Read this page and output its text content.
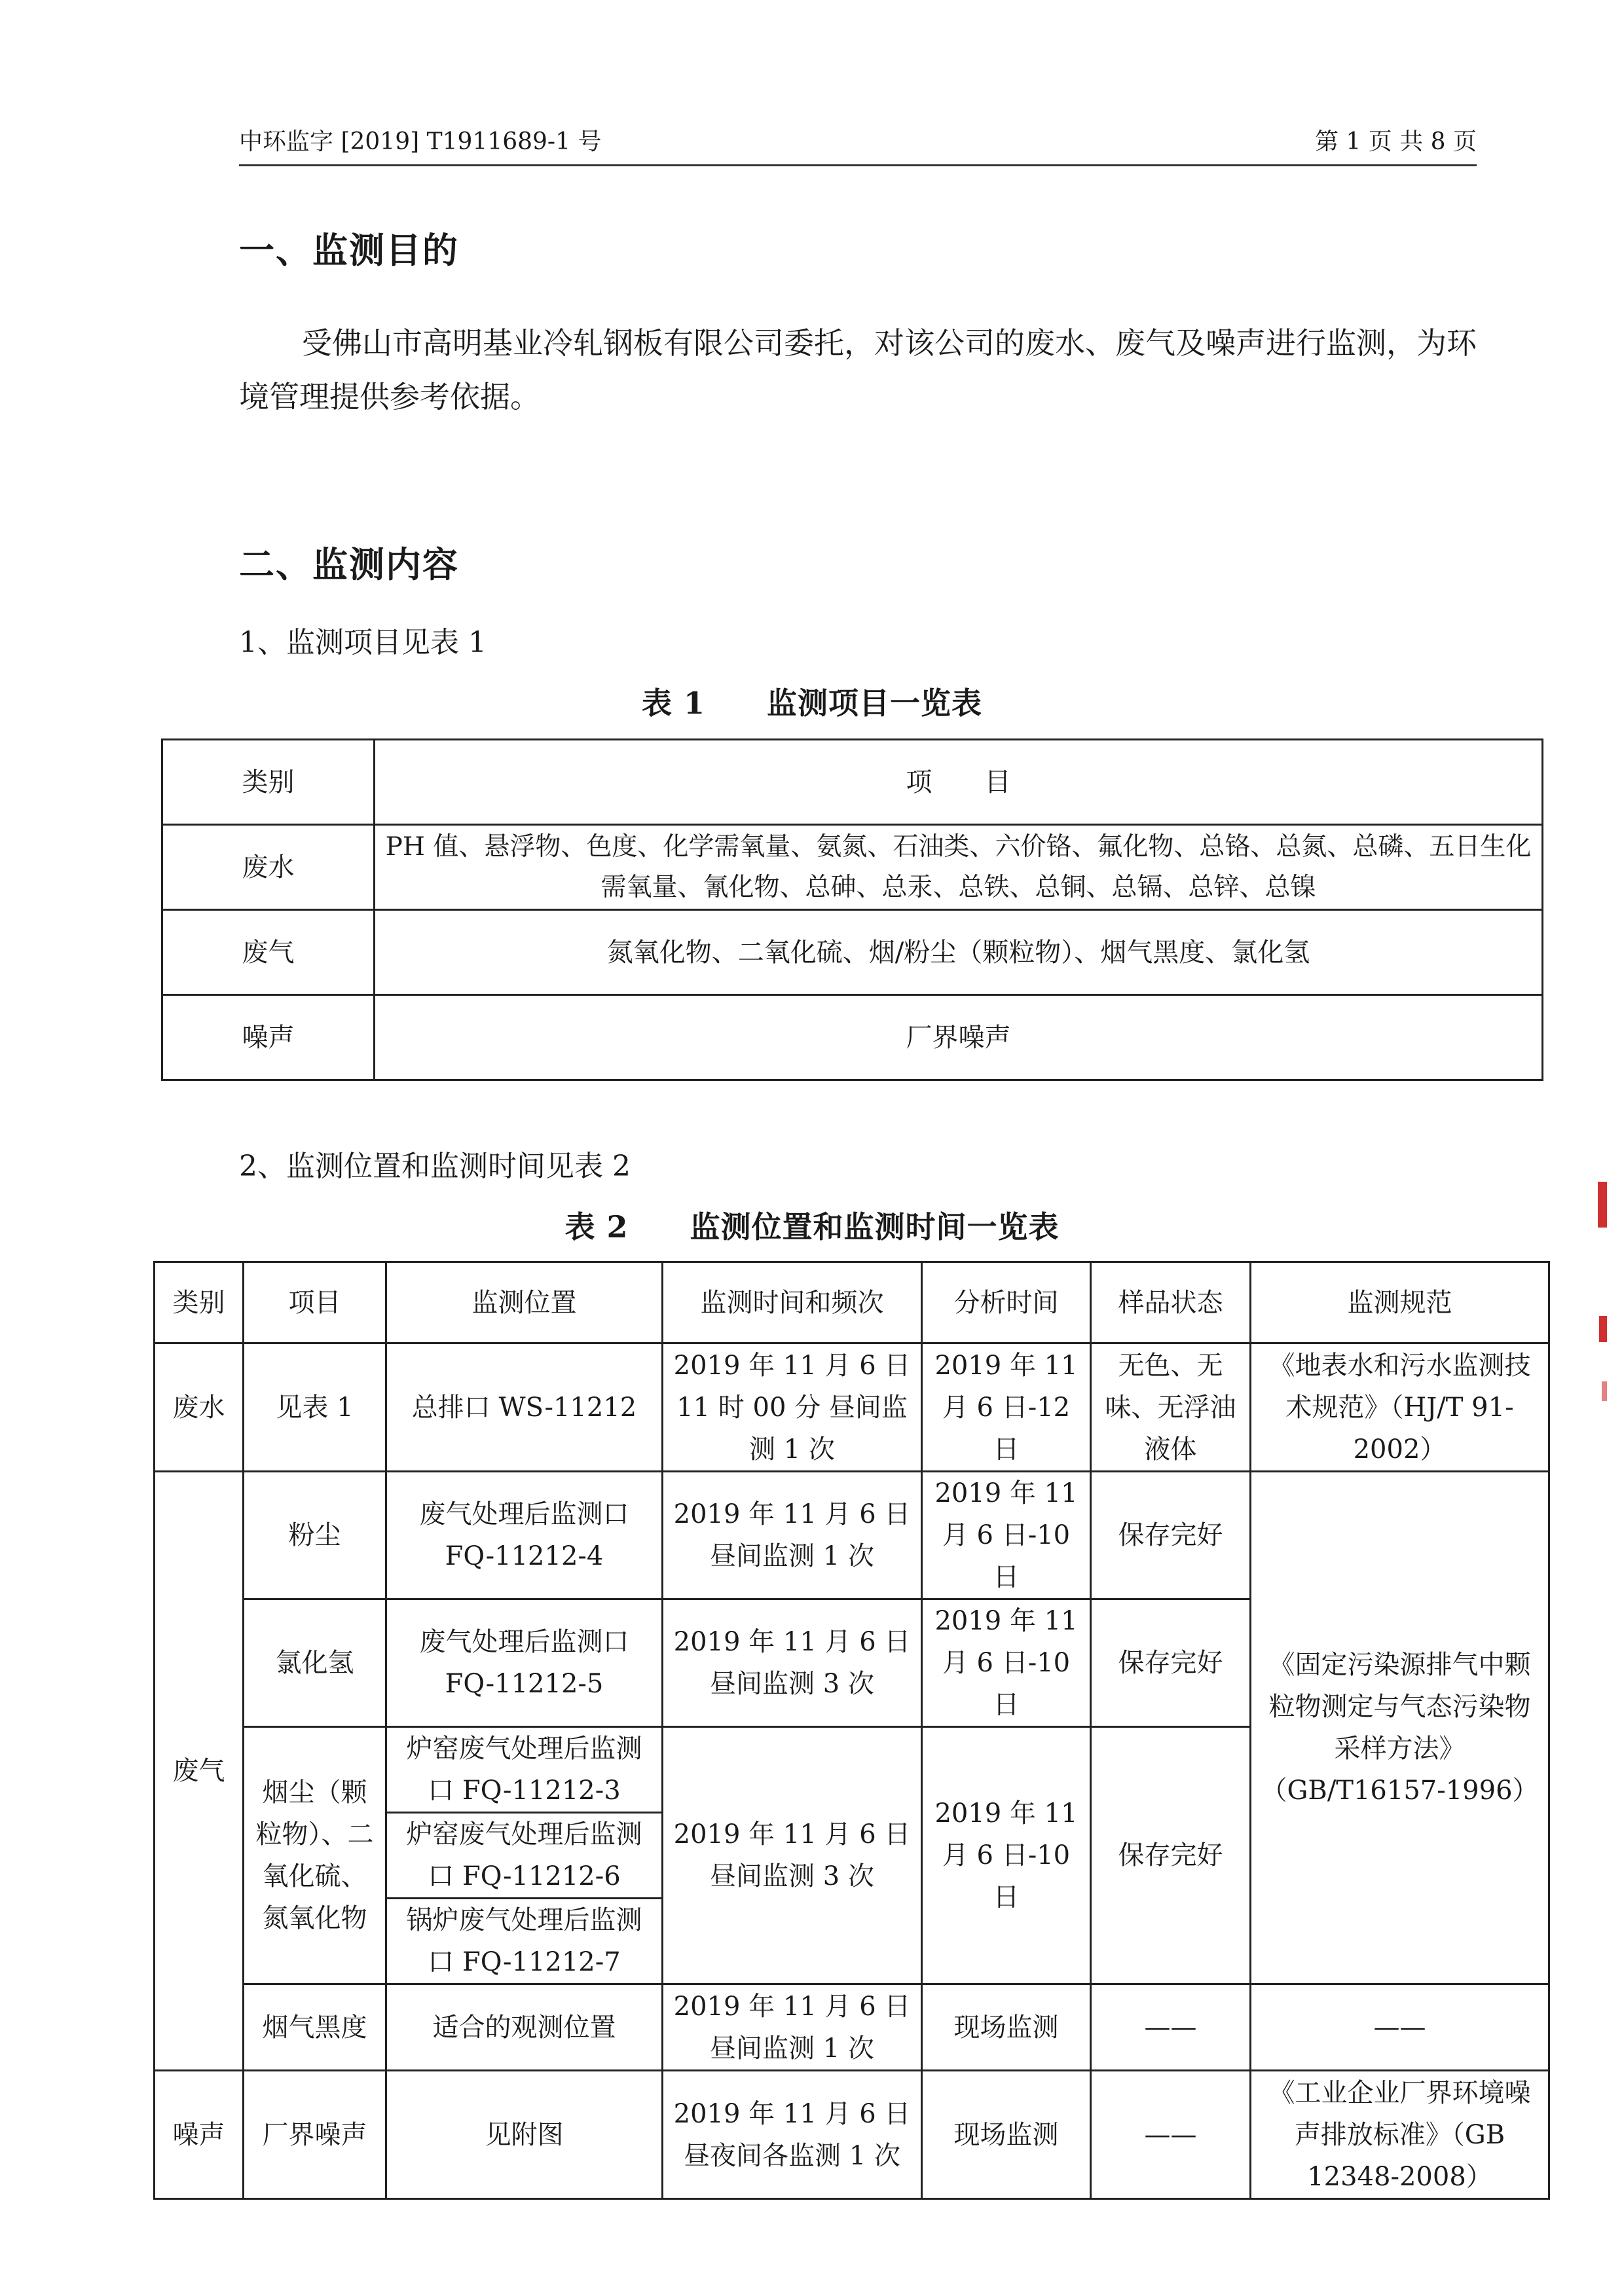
中环监字 [2019] T1911689-1 号	第 1 页 共 8 页
一、监测目的
受佛山市高明基业冷轧钢板有限公司委托，对该公司的废水、废气及噪声进行监测，为环境管理提供参考依据。
二、监测内容
1、监测项目见表 1
表 1　　监测项目一览表
类别	项　　目
废水	PH 值、悬浮物、色度、化学需氧量、氨氮、石油类、六价铬、氟化物、总铬、总氮、总磷、五日生化需氧量、氰化物、总砷、总汞、总铁、总铜、总镉、总锌、总镍
废气	氮氧化物、二氧化硫、烟/粉尘（颗粒物）、烟气黑度、氯化氢
噪声	厂界噪声
2、监测位置和监测时间见表 2
表 2　　监测位置和监测时间一览表
类别	项目	监测位置	监测时间和频次	分析时间	样品状态	监测规范
废水	见表 1	总排口 WS-11212	2019 年 11 月 6 日 11 时 00 分 昼间监测 1 次	2019 年 11 月 6 日-12 日	无色、无味、无浮油液体	《地表水和污水监测技术规范》（HJ/T 91-2002）
废气	粉尘	废气处理后监测口 FQ-11212-4	2019 年 11 月 6 日 昼间监测 1 次	2019 年 11 月 6 日-10 日	保存完好	《固定污染源排气中颗粒物测定与气态污染物采样方法》（GB/T16157-1996）
	氯化氢	废气处理后监测口 FQ-11212-5	2019 年 11 月 6 日 昼间监测 3 次	2019 年 11 月 6 日-10 日	保存完好	
	烟尘（颗粒物）、二氧化硫、氮氧化物	炉窑废气处理后监测口 FQ-11212-3	2019 年 11 月 6 日 昼间监测 3 次	2019 年 11 月 6 日-10 日	保存完好	
		炉窑废气处理后监测口 FQ-11212-6				
		锅炉废气处理后监测口 FQ-11212-7				
	烟气黑度	适合的观测位置	2019 年 11 月 6 日 昼间监测 1 次	现场监测	——	——
噪声	厂界噪声	见附图	2019 年 11 月 6 日 昼夜间各监测 1 次	现场监测	——	《工业企业厂界环境噪声排放标准》（GB 12348-2008）
